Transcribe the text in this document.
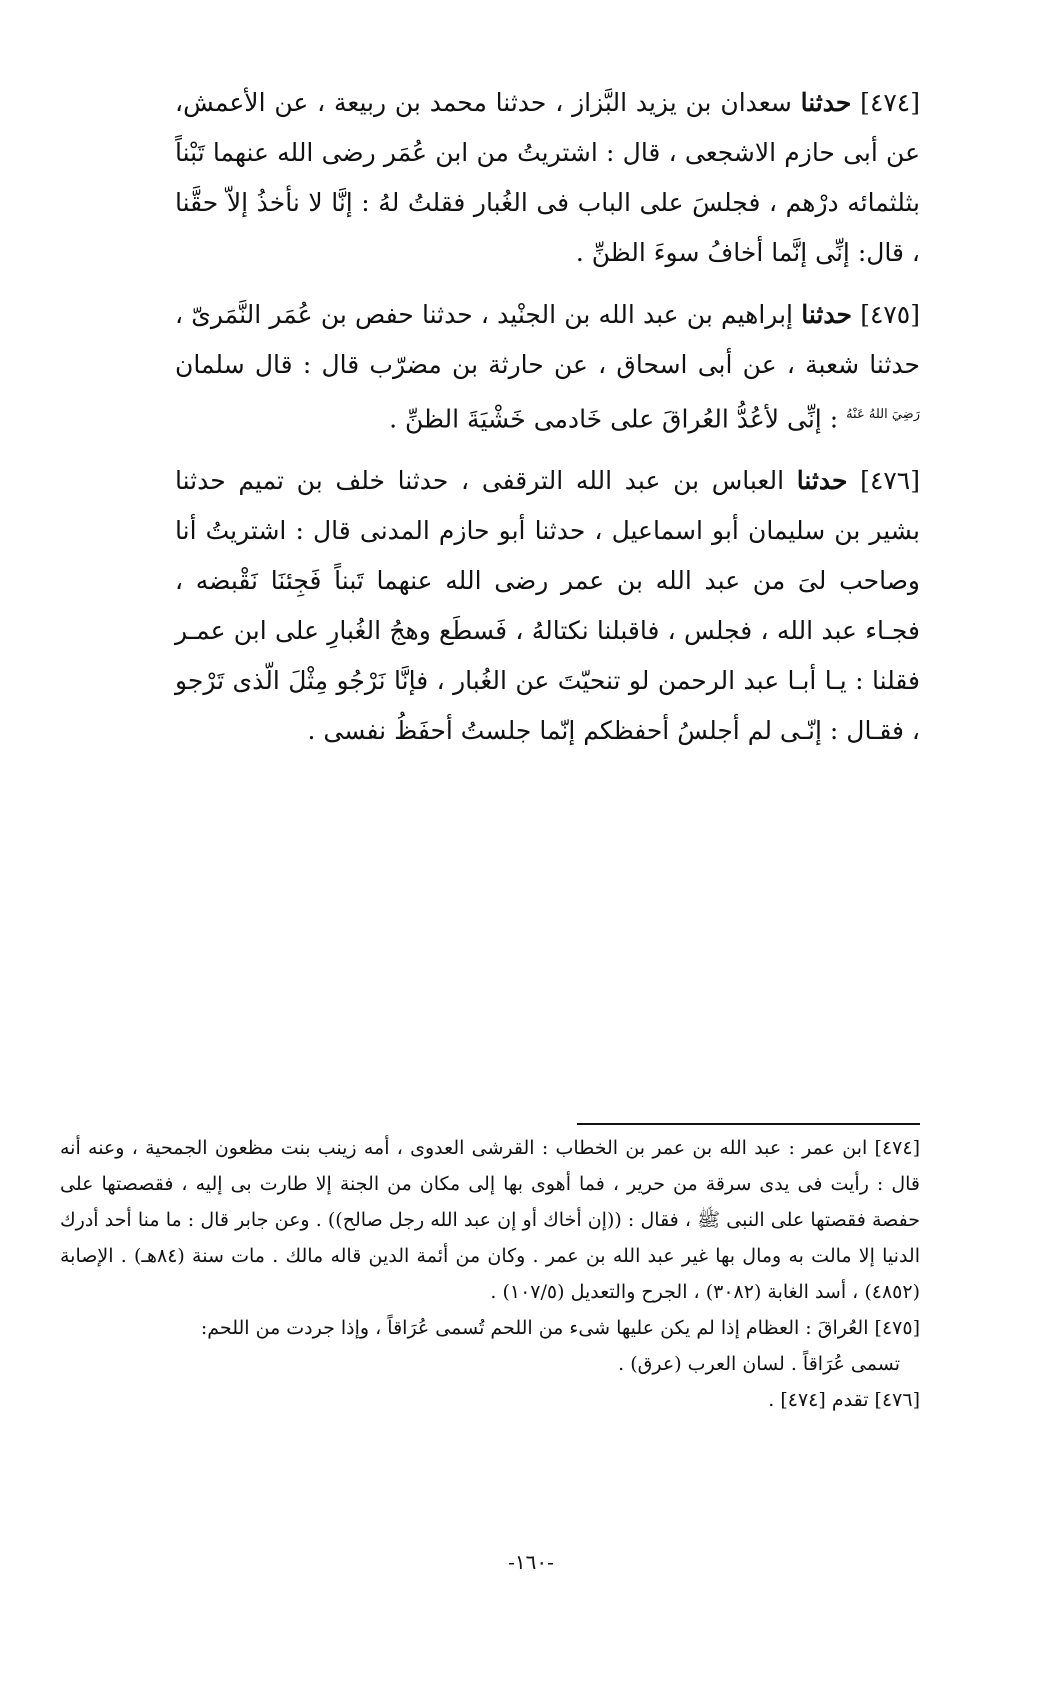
[٤٧٤] حدثنا سعدان بن يزيد البَّزاز ، حدثنا محمد بن ربيعة ، عن الأعمش، عن أبى حازم الاشجعى ، قال : اشتريتُ من ابن عُمَر رضى الله عنهما تَبْناً بثلثمائه درْهم ، فجلسَ على الباب فى الغُبار فقلتُ لهُ : إنَّا لا نأخذُ إلاّ حقَّنا ، قال: إنِّى إنَّما أخافُ سوءَ الظنِّ .

[٤٧٥] حدثنا إبراهيم بن عبد الله بن الجنْيد ، حدثنا حفص بن عُمَر النَّمَرىّ ، حدثنا شعبة ، عن أبى اسحاق ، عن حارثة بن مضرّب قال : قال سلمان $^{رَضِيَ اللهُ عَنْهُ}$ : إنِّى لأعُدُّ العُراقَ على خَادمى خَشْيَةَ الظنِّ .

[٤٧٦] حدثنا العباس بن عبد الله الترقفى ، حدثنا خلف بن تميم حدثنا بشير بن سليمان أبو اسماعيل ، حدثنا أبو حازم المدنى قال : اشتريتُ أنا وصاحب لىَ من عبد الله بن عمر رضى الله عنهما تَبناً فَجِئنَا نَقْبضه ، فجـاء عبد الله ، فجلس ، فاقبلنا نكتالهُ ، فَسطَع وهجُ الغُبارِ على ابن عمـر فقلنا : يـا أبـا عبد الرحمن لو تنحيّتَ عن الغُبار ، فإنَّا نَرْجُو مِثْلَ الّذى تَرْجو ، فقـال : إنّـى لم أجلسُ أحفظكم إنّما جلستُ أحفَظُ نفسى .

[٤٧٤] ابن عمر : عبد الله بن عمر بن الخطاب : القرشى العدوى ، أمه زينب بنت مظعون الجمحية ، وعنه أنه قال : رأيت فى يدى سرقة من حرير ، فما أهوى بها إلى مكان من الجنة إلا طارت بى إليه ، فقصصتها على حفصة فقصتها على النبى ﷺ ، فقال : ((إن أخاك أو إن عبد الله رجل صالح)) . وعن جابر قال : ما منا أحد أدرك الدنيا إلا مالت به ومال بها غير عبد الله بن عمر . وكان من أئمة الدين قاله مالك . مات سنة (٨٤هـ) . الإصابة (٤٨٥٢) ، أسد الغابة (٣٠٨٢) ، الجرح والتعديل (١٠٧/٥) .

[٤٧٥] العُراقَ : العظام إذا لم يكن عليها شىء من اللحم تُسمى عُرَاقاً ، وإذا جردت من اللحم:
تسمى عُرَاقاً . لسان العرب (عرق) .

[٤٧٦] تقدم [٤٧٤] .

-١٦٠-
